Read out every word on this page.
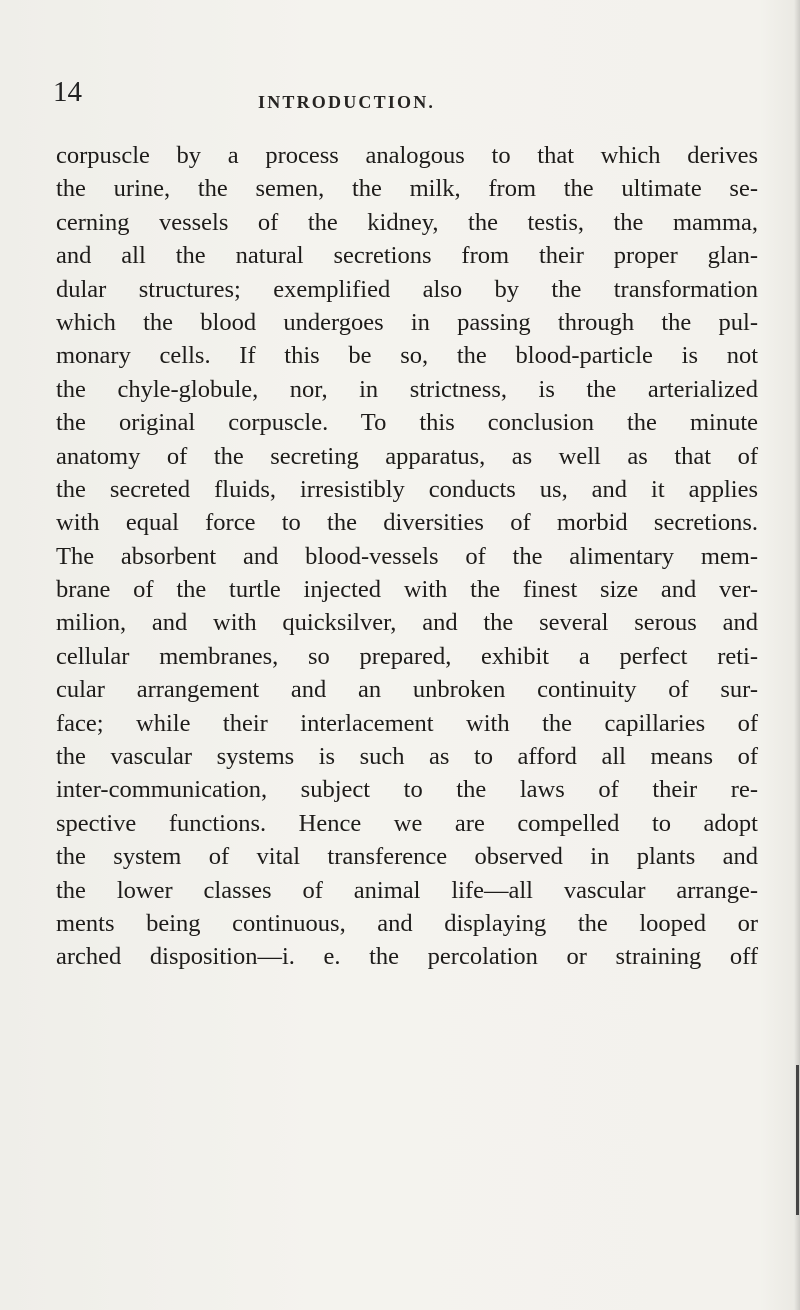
14	INTRODUCTION.
corpuscle by a process analogous to that which derives
the urine, the semen, the milk, from the ultimate se-
cerning vessels of the kidney, the testis, the mamma,
and all the natural secretions from their proper glan-
dular structures; exemplified also by the transformation
which the blood undergoes in passing through the pul-
monary cells. If this be so, the blood-particle is not
the chyle-globule, nor, in strictness, is the arterialized
the original corpuscle. To this conclusion the minute
anatomy of the secreting apparatus, as well as that of
the secreted fluids, irresistibly conducts us, and it applies
with equal force to the diversities of morbid secretions.
The absorbent and blood-vessels of the alimentary mem-
brane of the turtle injected with the finest size and ver-
milion, and with quicksilver, and the several serous and
cellular membranes, so prepared, exhibit a perfect reti-
cular arrangement and an unbroken continuity of sur-
face; while their interlacement with the capillaries of
the vascular systems is such as to afford all means of
inter-communication, subject to the laws of their re-
spective functions. Hence we are compelled to adopt
the system of vital transference observed in plants and
the lower classes of animal life—all vascular arrange-
ments being continuous, and displaying the looped or
arched disposition—i. e. the percolation or straining off
